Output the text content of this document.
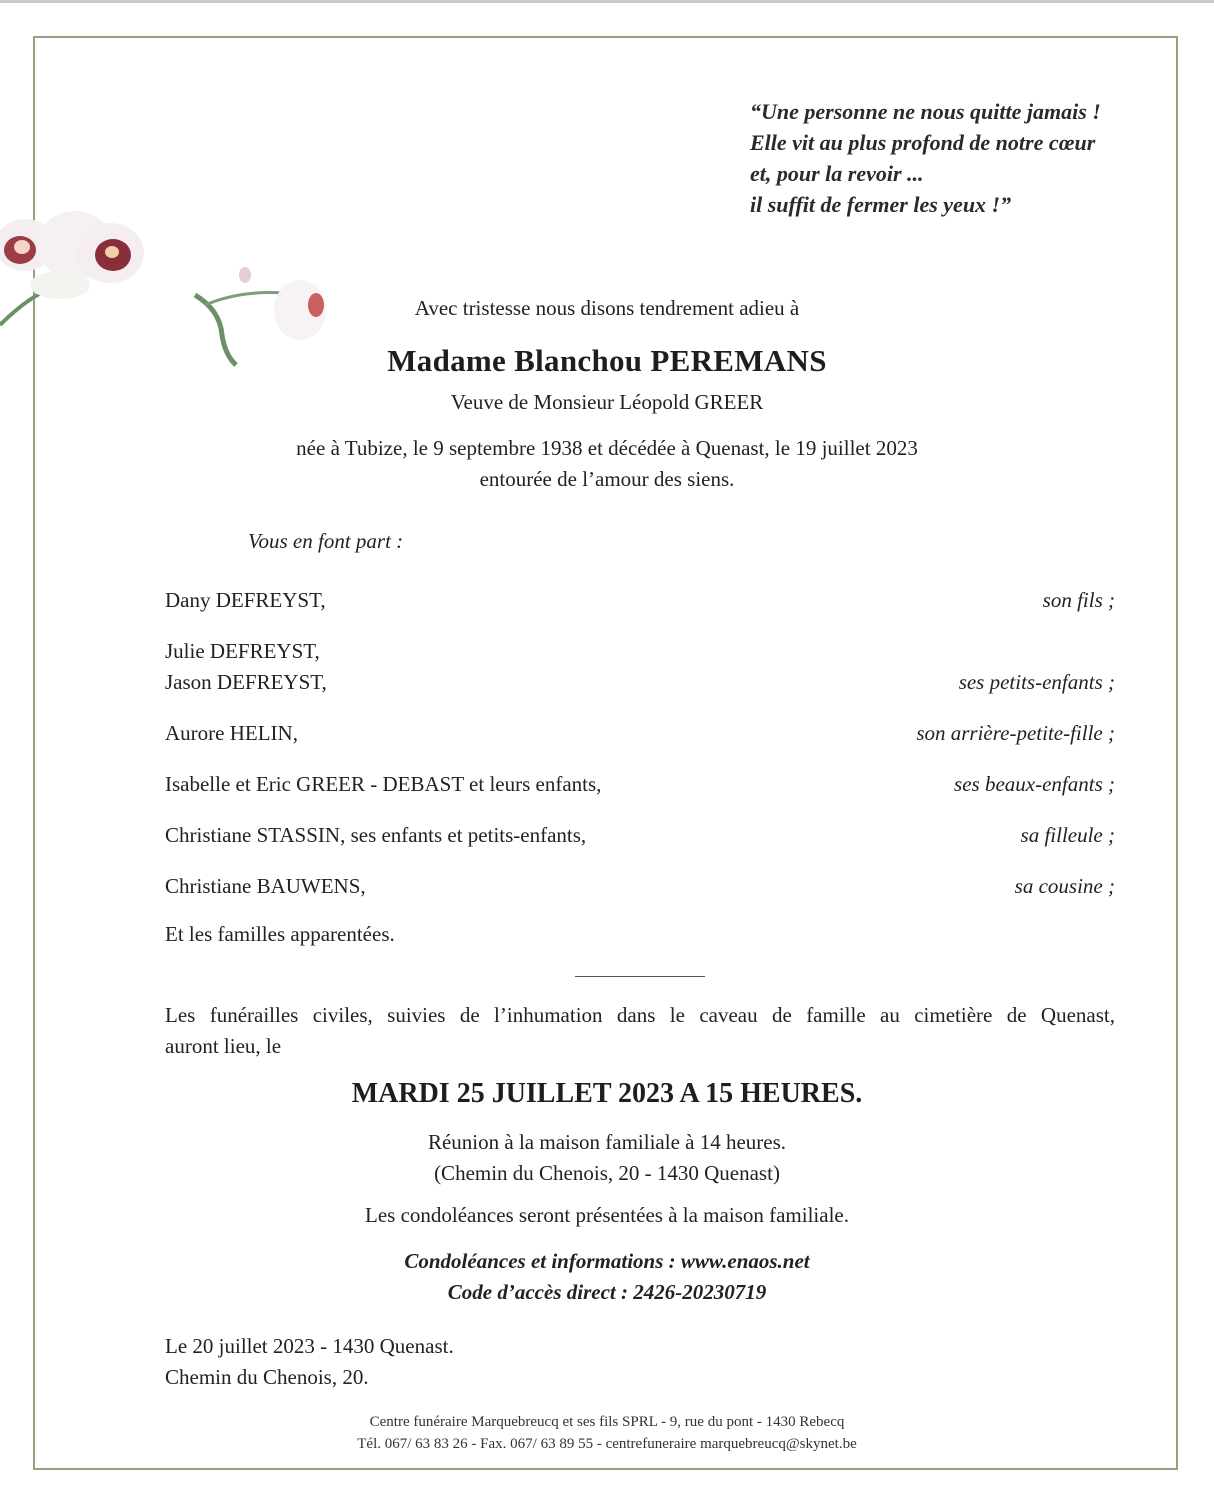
“Une personne ne nous quitte jamais !
Elle vit au plus profond de notre cœur
et, pour la revoir ...
il suffit de fermer les yeux !”
Avec tristesse nous disons tendrement adieu à
Madame Blanchou PEREMANS
Veuve de Monsieur Léopold GREER
née à Tubize, le 9 septembre 1938 et décédée à Quenast, le 19 juillet 2023
entourée de l’amour des siens.
Vous en font part :
Dany DEFREYST,	son fils ;
Julie DEFREYST,
Jason DEFREYST,	ses petits-enfants ;
Aurore HELIN,	son arrière-petite-fille ;
Isabelle et Eric GREER - DEBAST et leurs enfants,	ses beaux-enfants ;
Christiane STASSIN, ses enfants et petits-enfants,	sa filleule ;
Christiane BAUWENS,	sa cousine ;
Et les familles apparentées.
Les funérailles civiles, suivies de l’inhumation dans le caveau de famille au cimetière de Quenast,
auront lieu, le
MARDI 25 JUILLET 2023 A 15 HEURES.
Réunion à la maison familiale à 14 heures.
(Chemin du Chenois, 20 - 1430 Quenast)
Les condoléances seront présentées à la maison familiale.
Condoléances et informations : www.enaos.net
Code d’accès direct : 2426-20230719
Le 20 juillet 2023 - 1430 Quenast.
Chemin du Chenois, 20.
Centre funéraire Marquebreucq et ses fils SPRL - 9, rue du pont - 1430 Rebecq
Tél. 067/ 63 83 26 - Fax. 067/ 63 89 55 - centrefuneraire marquebreucq@skynet.be
